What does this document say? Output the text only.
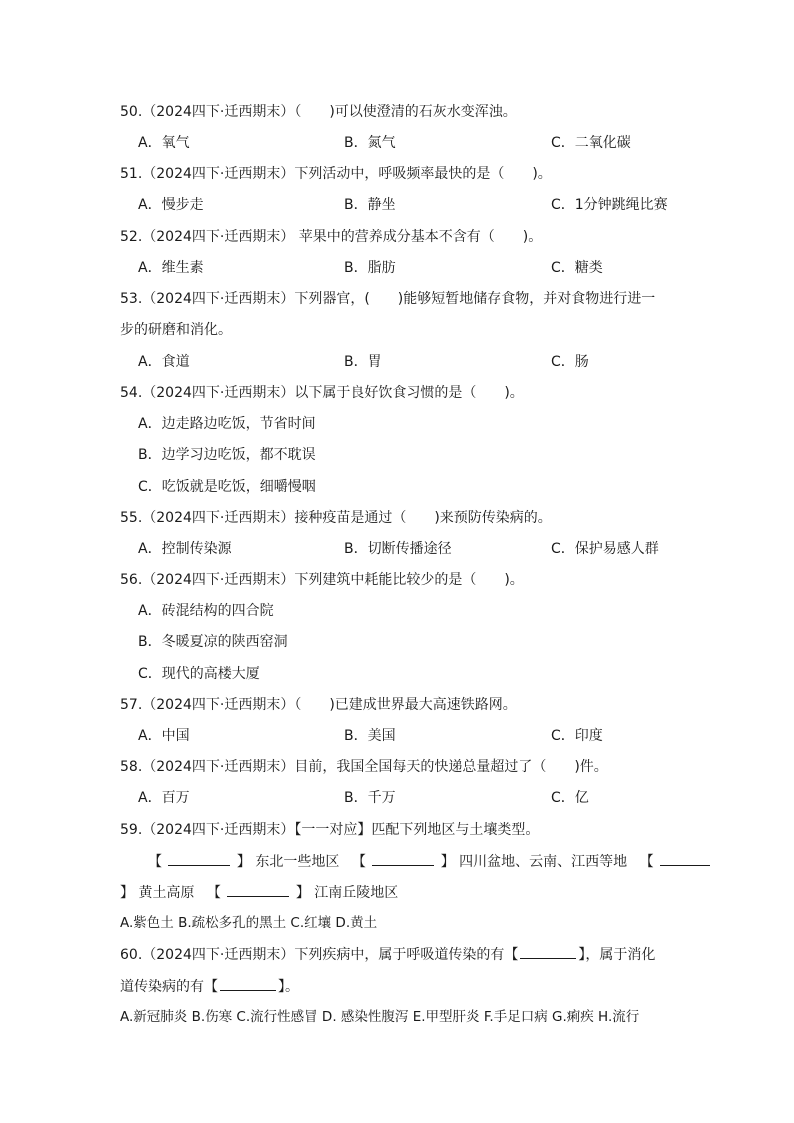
50.（2024四下·迁西期末）（　　)可以使澄清的石灰水变浑浊。
A．氧气	B．氮气	C．二氧化碳
51.（2024四下·迁西期末）下列活动中，呼吸频率最快的是（　　)。
A．慢步走	B．静坐	C．1分钟跳绳比赛
52.（2024四下·迁西期末） 苹果中的营养成分基本不含有（　　)。
A．维生素	B．脂肪	C．糖类
53.（2024四下·迁西期末）下列器官，(　　)能够短暂地储存食物，并对食物进行进一
步的研磨和消化。
A．食道	B．胃	C．肠
54.（2024四下·迁西期末）以下属于良好饮食习惯的是（　　)。
A．边走路边吃饭，节省时间
B．边学习边吃饭，都不耽误
C．吃饭就是吃饭，细嚼慢咽
55.（2024四下·迁西期末）接种疫苗是通过（　　)来预防传染病的。
A．控制传染源	B．切断传播途径	C．保护易感人群
56.（2024四下·迁西期末）下列建筑中耗能比较少的是（　　)。
A．砖混结构的四合院
B．冬暖夏凉的陕西窑洞
C．现代的高楼大厦
57.（2024四下·迁西期末）（　　)已建成世界最大高速铁路网。
A．中国	B．美国	C．印度
58.（2024四下·迁西期末）目前，我国全国每天的快递总量超过了（　　)件。
A．百万	B．千万	C．亿
59.（2024四下·迁西期末）【一一对应】匹配下列地区与土壤类型。
【	】 东北一些地区 【	】 四川盆地、云南、江西等地 【
】 黄土高原 【	】 江南丘陵地区
A.紫色土 B.疏松多孔的黑土 C.红壤 D.黄土
60.（2024四下·迁西期末）下列疾病中，属于呼吸道传染的有【	】，属于消化
道传染病的有【	】。
A.新冠肺炎 B.伤寒 C.流行性感冒 D. 感染性腹泻 E.甲型肝炎 F.手足口病 G.痢疾 H.流行
